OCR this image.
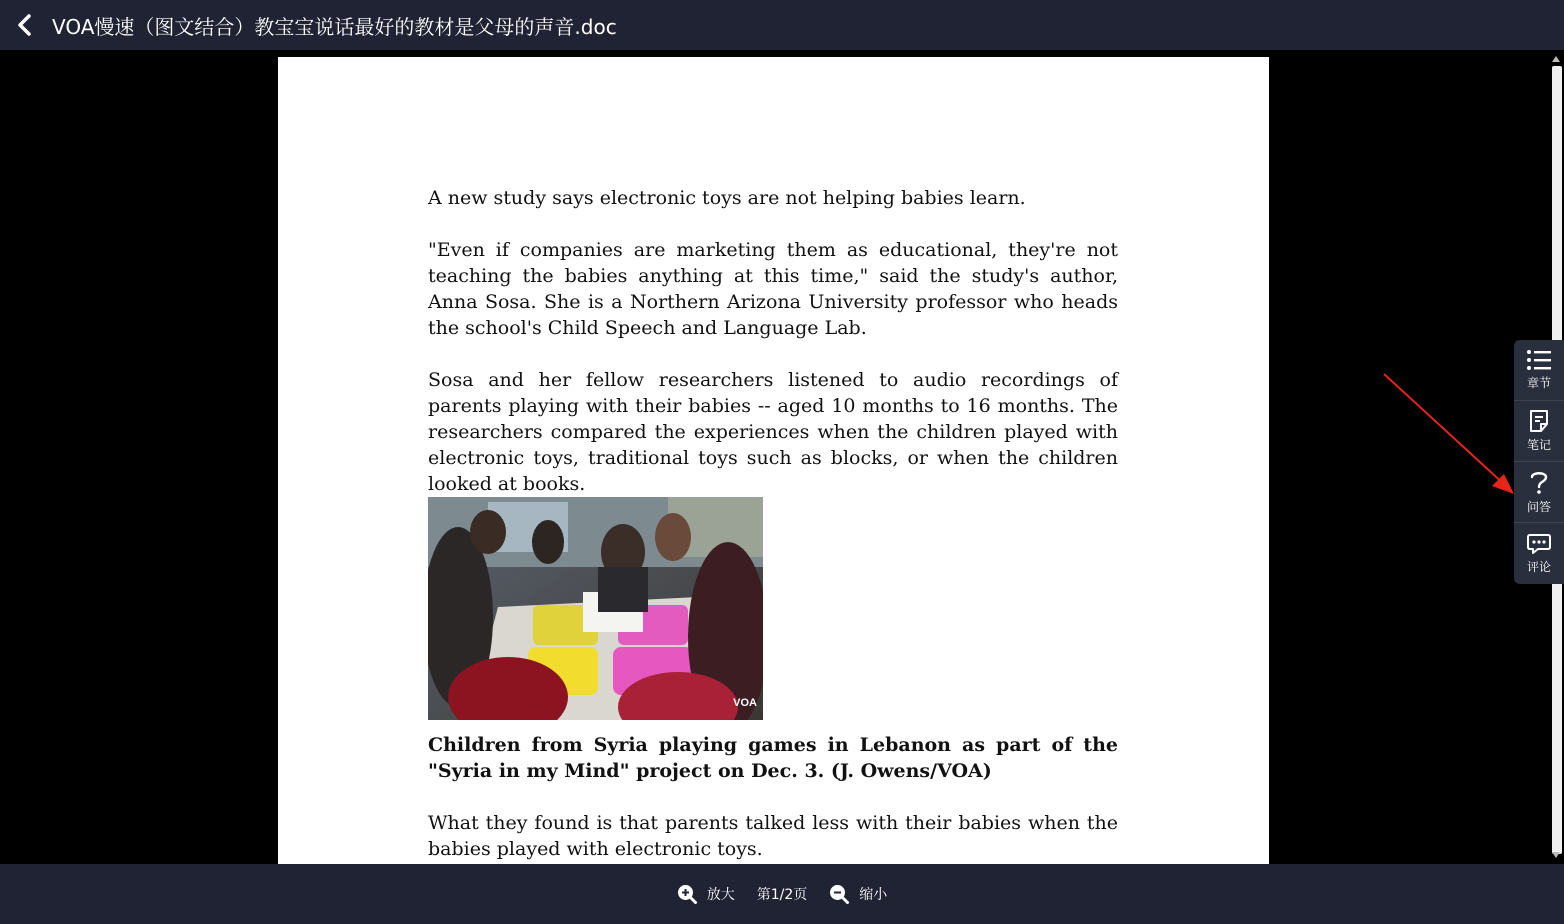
VOA慢速（图文结合）教宝宝说话最好的教材是父母的声音.doc

A new study says electronic toys are not helping babies learn.

"Even if companies are marketing them as educational, they're not teaching the babies anything at this time," said the study's author, Anna Sosa. She is a Northern Arizona University professor who heads the school's Child Speech and Language Lab.

Sosa and her fellow researchers listened to audio recordings of parents playing with their babies -- aged 10 months to 16 months. The researchers compared the experiences when the children played with electronic toys, traditional toys such as blocks, or when the children looked at books.

VOA

Children from Syria playing games in Lebanon as part of the "Syria in my Mind" project on Dec. 3. (J. Owens/VOA)

What they found is that parents talked less with their babies when the babies played with electronic toys.

章节
笔记
问答
评论
放大 第1/2页	缩小
